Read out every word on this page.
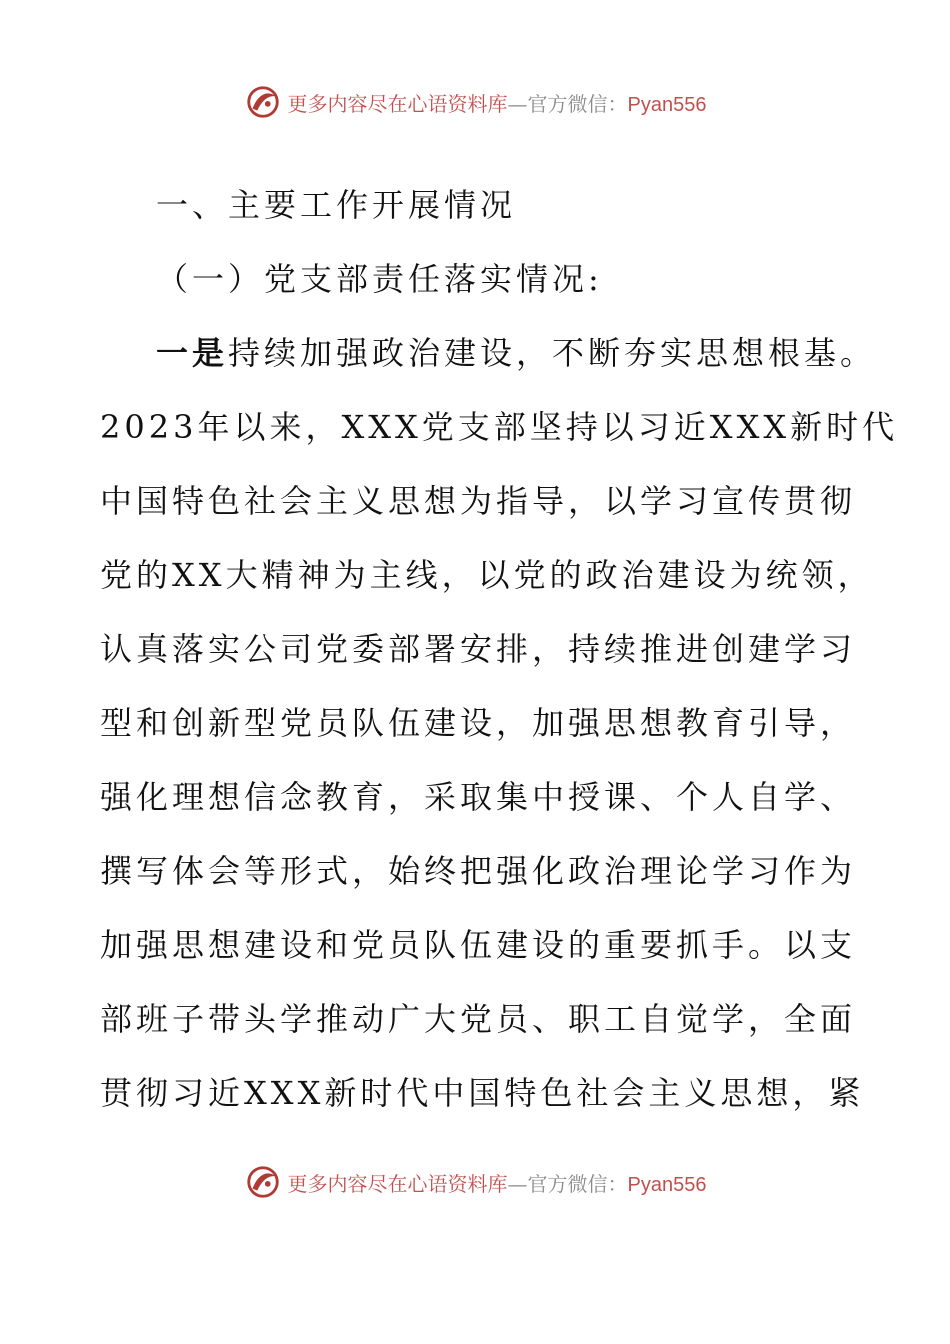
更多内容尽在心语资料库—官方微信：Pyan556
一、主要工作开展情况
（一）党支部责任落实情况:
一是持续加强政治建设，不断夯实思想根基。
2023年以来，XXX党支部坚持以习近XXX新时代
中国特色社会主义思想为指导，以学习宣传贯彻
党的XX大精神为主线，以党的政治建设为统领，
认真落实公司党委部署安排，持续推进创建学习
型和创新型党员队伍建设，加强思想教育引导，
强化理想信念教育，采取集中授课、个人自学、
撰写体会等形式，始终把强化政治理论学习作为
加强思想建设和党员队伍建设的重要抓手。以支
部班子带头学推动广大党员、职工自觉学，全面
贯彻习近XXX新时代中国特色社会主义思想，紧
更多内容尽在心语资料库—官方微信：Pyan556
